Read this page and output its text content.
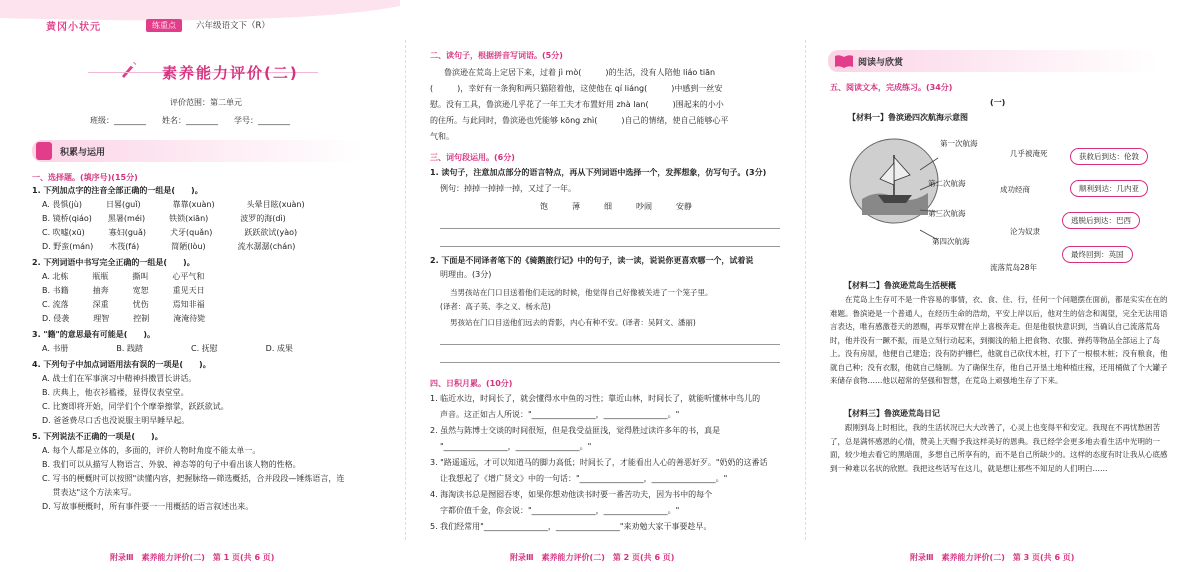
黄冈小状元	练重点	六年级语文下（R）
素养能力评价(二)
评价范围：第二单元
班级：________　　姓名：________　　学号：________
积累与运用
一、选择题。(填序号)(15分)
1. 下列加点字的注音全部正确的一组是(　　)。
A. 畏惧(jù)　　　日晷(guǐ)　　　　靠靠(xuàn)　　　　头晕目眩(xuàn)
B. 镜桥(qiáo)　　黑暑(méi)　　　铁锁(xiān)　　　　波罗的海(dì)
C. 吹嘘(xū)　　　寡妇(guǎ)　　　犬牙(quǎn)　　　　跃跃欲试(yào)
D. 野蛮(mán)　　木筏(fá)　　　　简陋(lòu)　　　　流水潺潺(chán)
2. 下列词语中书写完全正确的一组是(　　)。
A. 北栋　　　瓶瓶　　　撕叫　　　心平气和
B. 书籍　　　抽奔　　　宽恕　　　重见天日
C. 流落　　　深重　　　忧伤　　　焉知非福
D. 侵袭　　　理智　　　控制　　　淹淹待毙
3. "籍"的意思最有可能是(　　)。
A. 书册　　　　　　B. 践踏　　　　　　C. 抚慰　　　　　　D. 成果
4. 下列句子中加点词语用法有误的一项是(　　)。
A. 战士们在军事演习中精神抖擞冒长讲话。
B. 庆典上，他衣衫褴褛，显得仪表堂堂。
C. 比赛即将开始，同学们个个摩拳擦掌，跃跃欲试。
D. 爸爸费尽口舌也没说服主明早睡早起。
5. 下列说法不正确的一项是(　　)。
A. 每个人都是立体的，多面的，评价人物时角度不能太单一。
B. 我们可以从描写人物语言、外貌、神态等的句子中看出该人物的性格。
C. 写书的梗概时可以按照"读懂内容，把握脉络—筛选概括，合并段段—锤炼语言，连
　 贯表达"这个方法来写。
D. 写故事梗概时，所有事件要一一用概括的语言叙述出来。
附录Ⅲ　素养能力评价(二)　第 1 页(共 6 页)
二、读句子，根据拼音写词语。(5分)
鲁滨逊在荒岛上定居下来，过着 jì mò(　　　)的生活，没有人陪他 liáo tiān
(　　　)，幸好有一条狗和两只猫陪着他，这使他在 qí liáng(　　　)中感到一丝安
慰。没有工具，鲁滨逊几乎花了一年工夫才布置好用 zhà lan(　　　)围起来的小小
的住所。与此同时，鲁滨逊也凭能够 kōng zhì(　　　)自己的情绪，使自己能够心平
气和。
三、词句段运用。(6分)
1. 读句子，注意加点部分的语言特点，再从下列词语中选择一个，发挥想象，仿写句子。(3分)
例句：掉掉一掉掉一掉，又过了一年。
饱　　　薄　　　细　　　吵闹　　　安静
2. 下面是不同译者笔下的《骑鹅旅行记》中的句子，读一读，说说你更喜欢哪一个，试着说
明理由。(3分)
当男孩站在门口目送着他们走远的时候，他觉得自己好像被关进了一个笼子里。
(译者：高子英、李之义、杨永范)
男孩站在门口目送他们远去的背影，内心有种不安。(译者：吴阿文、潘丽)
四、日积月累。(10分)
1. 临近水边，时间长了，就会懂得水中鱼的习性；靠近山林，时间长了，就能听懂林中鸟儿的
声音。这正如古人所说："________________，________________。"
2. 虽然与陈博士交谈的时间很短，但是我受益匪浅，觉得胜过读许多年的书，真是
"________________，________________。"
3. "路遥遥远，才可以知道马的脚力高低；时间长了，才能看出人心的善恶好歹。"奶奶的这番话
让我想起了《增广贤文》中的一句话："________________，________________。"
4. 海淘读书总是囫囵吞枣，如果你想劝他读书时要一番苦功夫，因为书中的每个
字都价值千金，你会说："________________，________________。"
5. 我们经常用"________________，________________"来劝勉大家干事要趁早。
附录Ⅲ　素养能力评价(二)　第 2 页(共 6 页)
阅读与欣赏
五、阅读文本，完成练习。(34分)
(一)
【材料一】鲁滨逊四次航海示意图
第一次航海
几乎被淹死	获救后到达：伦敦
第二次航海
成功经商	顺利到达：几内亚
第三次航海
沦为奴隶
逃脱后到达：巴西
第四次航海
流落荒岛28年
最终回到：英国
【材料二】鲁滨逊荒岛生活梗概
在荒岛上生存可不是一件容易的事情，衣、食、住、行，任何一个问题摆在面前，都是实实在在的难题。鲁滨逊是一个普通人，在经历生命的浩劫，平安上岸以后，他对生的信念和渴望，完全无法用语言表达，唯有感激苍天的恩赐，再举双臂在岸上喜极奔走。但是他很快意识到，当确认自己流落荒岛时，他并没有一蹶不振，而是立刻行动起来，到搁浅的船上把食物、衣服、弹药等物品全部运上了岛上。没有房屋，他便自己建造；没有防护栅栏，他就自己砍伐木桩，打下了一根根木桩；没有粮食，他就自己种；没有衣服，他就自己缝制。为了确保生存，他自己开垦土地种植庄稼，还用桶做了个大罐子来储存食物……他以超常的坚强和智慧，在荒岛上顽强地生存了下来。
【材料三】鲁滨逊荒岛日记
跟刚到岛上时相比，我的生活状况已大大改善了，心灵上也变得平和安定。我现在不再忧愁困苦了，总是满怀感恩的心情，赞美上天赐予我这样美好的恩典。我已经学会更多地去看生活中光明的一面，较少地去看它的黑暗面，多想自己所享有的，而不是自己所缺少的。这样的态度有时让我从心底感到一种难以名状的欣慰。我把这些话写在这儿，就是想让那些不知足的人们明白……
附录Ⅲ　素养能力评价(二)　第 3 页(共 6 页)
